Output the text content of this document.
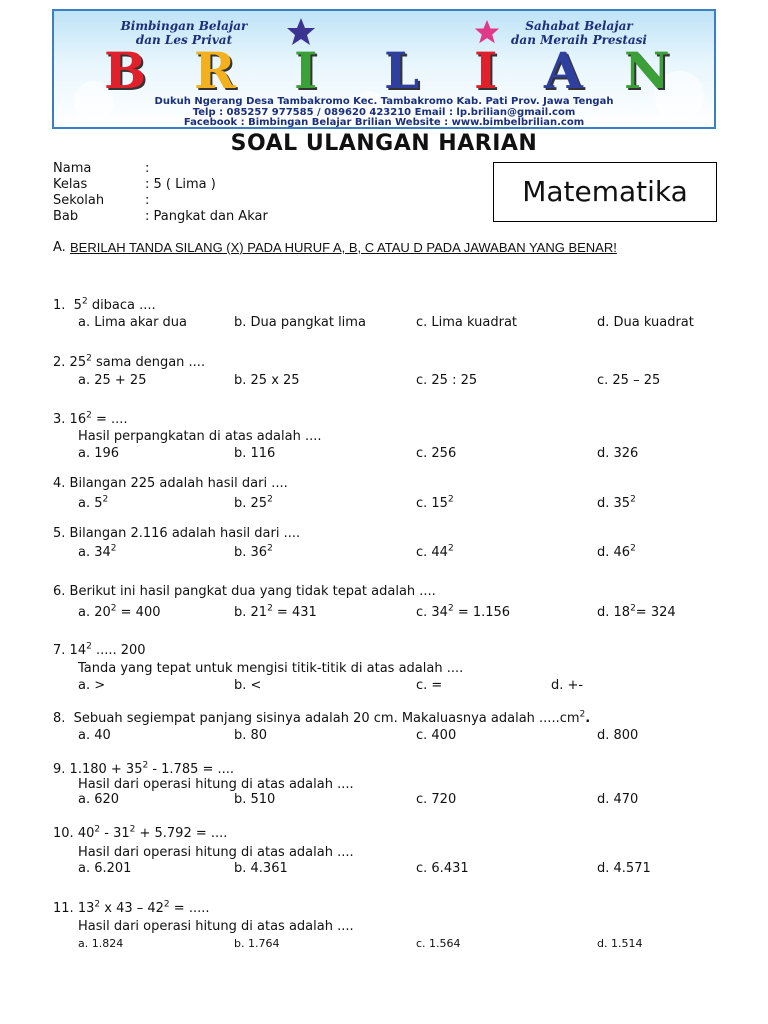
Bimbingan Belajar
dan Les Privat
Sahabat Belajar
dan Meraih Prestasi
B R I L I A N
Dukuh Ngerang Desa Tambakromo Kec. Tambakromo Kab. Pati Prov. Jawa Tengah
Telp : 085257 977585 / 089620 423210 Email : lp.brilian@gmail.com
Facebook : Bimbingan Belajar Brilian Website : www.bimbelbrilian.com
SOAL ULANGAN HARIAN
Nama	:
Kelas	: 5 ( Lima )
Sekolah	:
Bab	: Pangkat dan Akar
Matematika
A. BERILAH TANDA SILANG (X) PADA HURUF A, B, C ATAU D PADA JAWABAN YANG BENAR!
1. $5^2$ dibaca ....
a. Lima akar dua	b. Dua pangkat lima	c. Lima kuadrat	d. Dua kuadrat
2. $25^2$ sama dengan ....
a. 25 + 25	b. 25 x 25	c. 25 : 25	c. 25 – 25
3. $16^2$ = ....
Hasil perpangkatan di atas adalah ....
a. 196	b. 116	c. 256	d. 326
4. Bilangan 225 adalah hasil dari ....
a. $5^2$	b. $25^2$	c. $15^2$	d. $35^2$
5. Bilangan 2.116 adalah hasil dari ....
a. $34^2$	b. $36^2$	c. $44^2$	d. $46^2$
6. Berikut ini hasil pangkat dua yang tidak tepat adalah ....
a. $20^2 = 400$	b. $21^2 = 431$	c. $34^2 = 1.156$	d. $18^2= 324$
7. $14^2$ ..... 200
Tanda yang tepat untuk mengisi titik-titik di atas adalah ....
a. >	b. <	c. =	d. +-
8. Sebuah segiempat panjang sisinya adalah 20 cm. Makaluasnya adalah $.....cm^2$.
a. 40	b. 80	c. 400	d. 800
9. $1.180 + 35^2 - 1.785$ = ....
Hasil dari operasi hitung di atas adalah ....
a. 620	b. 510	c. 720	d. 470
10. $40^2 - 31^2 + 5.792$ = ....
Hasil dari operasi hitung di atas adalah ....
a. 6.201	b. 4.361	c. 6.431	d. 4.571
11. $13^2$ x $43 - 42^2$ = .....
Hasil dari operasi hitung di atas adalah ....
a. 1.824	b. 1.764	c. 1.564	d. 1.514
